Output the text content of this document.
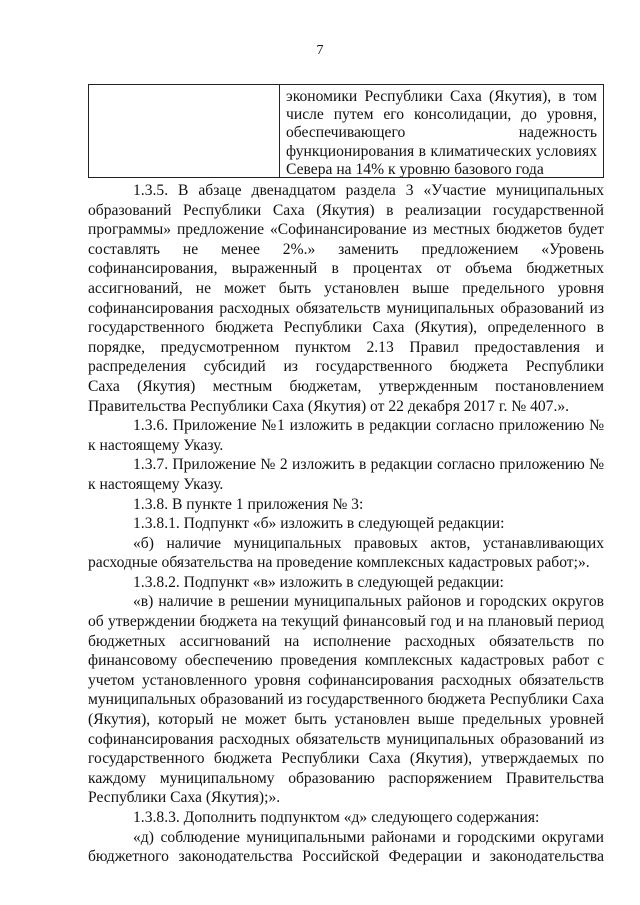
7
экономики Республики Саха (Якутия), в том
числе путем его консолидации, до уровня,
обеспечивающего надежность
функционирования в климатических условиях
Севера на 14% к уровню базового года
1.3.5. В абзаце двенадцатом раздела 3 «Участие муниципальных
образований Республики Саха (Якутия) в реализации государственной
программы» предложение «Софинансирование из местных бюджетов будет
составлять не менее 2%.» заменить предложением «Уровень
софинансирования, выраженный в процентах от объема бюджетных
ассигнований, не может быть установлен выше предельного уровня
софинансирования расходных обязательств муниципальных образований из
государственного бюджета Республики Саха (Якутия), определенного в
порядке, предусмотренном пунктом 2.13 Правил предоставления и
распределения субсидий из государственного бюджета Республики
Саха (Якутия) местным бюджетам, утвержденным постановлением
Правительства Республики Саха (Якутия) от 22 декабря 2017 г. № 407.».
1.3.6. Приложение №1 изложить в редакции согласно приложению №
к настоящему Указу.
1.3.7. Приложение № 2 изложить в редакции согласно приложению №
к настоящему Указу.
1.3.8. В пункте 1 приложения № 3:
1.3.8.1. Подпункт «б» изложить в следующей редакции:
«б) наличие муниципальных правовых актов, устанавливающих
расходные обязательства на проведение комплексных кадастровых работ;».
1.3.8.2. Подпункт «в» изложить в следующей редакции:
«в) наличие в решении муниципальных районов и городских округов
об утверждении бюджета на текущий финансовый год и на плановый период
бюджетных ассигнований на исполнение расходных обязательств по
финансовому обеспечению проведения комплексных кадастровых работ с
учетом установленного уровня софинансирования расходных обязательств
муниципальных образований из государственного бюджета Республики Саха
(Якутия), который не может быть установлен выше предельных уровней
софинансирования расходных обязательств муниципальных образований из
государственного бюджета Республики Саха (Якутия), утверждаемых по
каждому муниципальному образованию распоряжением Правительства
Республики Саха (Якутия);».
1.3.8.3. Дополнить подпунктом «д» следующего содержания:
«д) соблюдение муниципальными районами и городскими округами
бюджетного законодательства Российской Федерации и законодательства
